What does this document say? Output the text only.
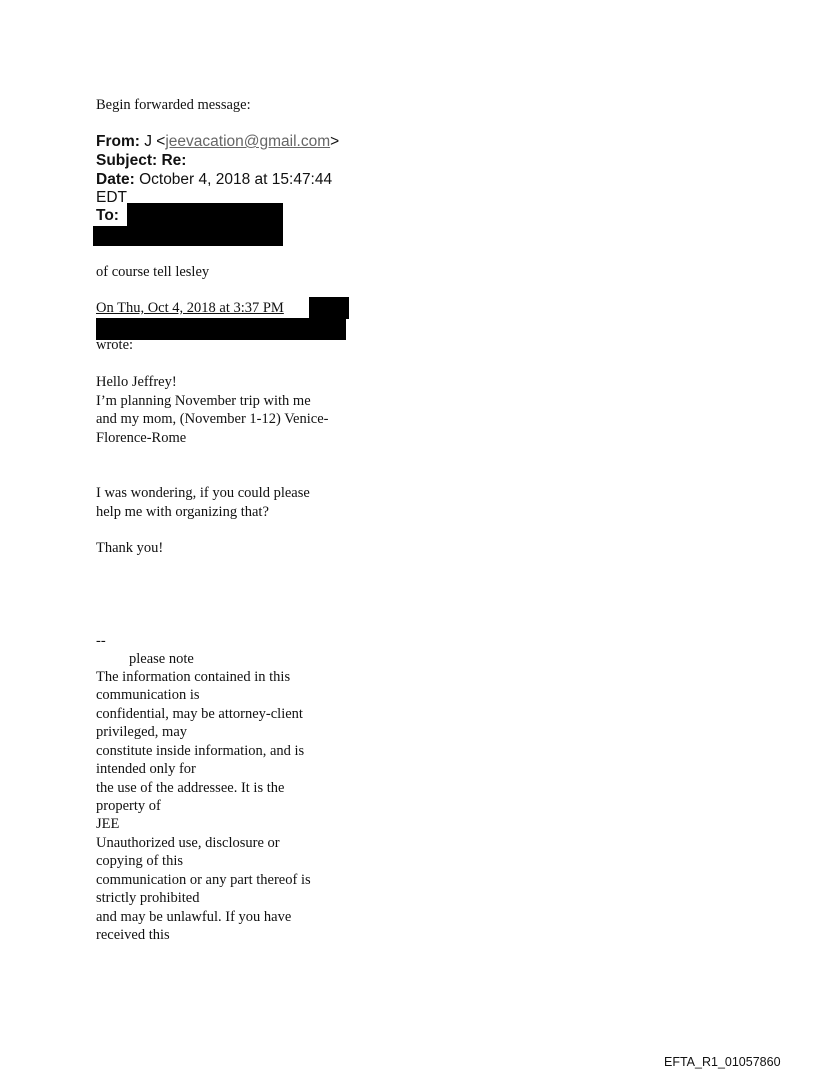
Begin forwarded message:
From: J <jeevacation@gmail.com>
Subject: Re:
Date: October 4, 2018 at 15:47:44
EDT
To:
of course tell lesley
On Thu, Oct 4, 2018 at 3:37 PM
wrote:
Hello Jeffrey!
I’m planning November trip with me
and my mom, (November 1-12) Venice-
Florence-Rome
I was wondering, if you could please
help me with organizing that?
Thank you!
--
please note
The information contained in this
communication is
confidential, may be attorney-client
privileged, may
constitute inside information, and is
intended only for
the use of the addressee. It is the
property of
JEE
Unauthorized use, disclosure or
copying of this
communication or any part thereof is
strictly prohibited
and may be unlawful. If you have
received this
EFTA_R1_01057860
